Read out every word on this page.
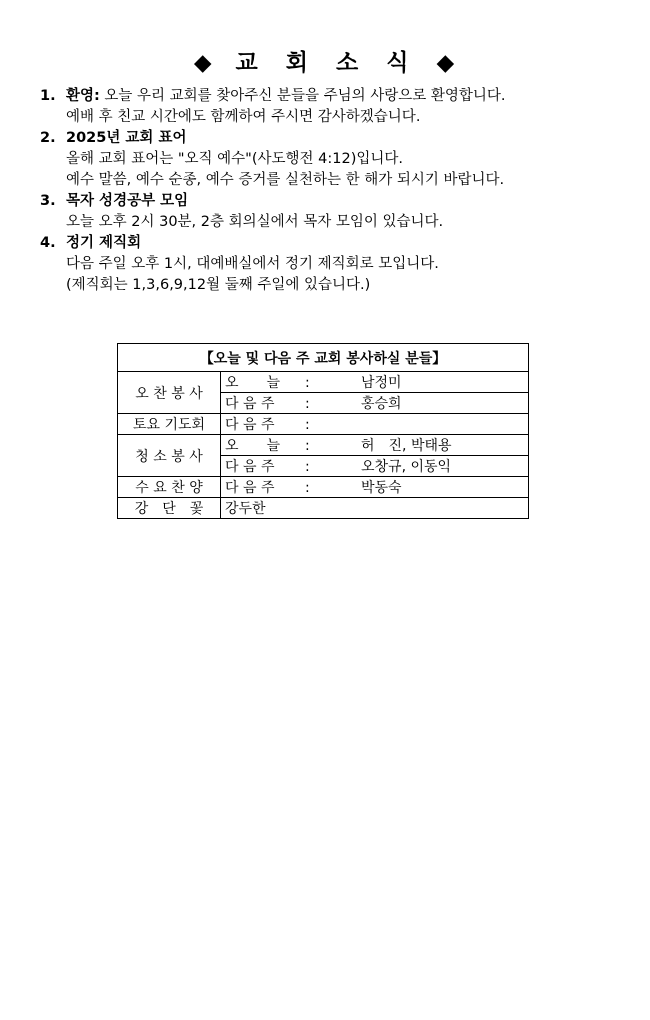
◆ 교 회 소 식 ◆
1. 환영: 오늘 우리 교회를 찾아주신 분들을 주님의 사랑으로 환영합니다.
예배 후 친교 시간에도 함께하여 주시면 감사하겠습니다.
2. 2025년 교회 표어
올해 교회 표어는 "오직 예수"(사도행전 4:12)입니다.
예수 말씀, 예수 순종, 예수 증거를 실천하는 한 해가 되시기 바랍니다.
3. 목자 성경공부 모임
오늘 오후 2시 30분, 2층 회의실에서 목자 모임이 있습니다.
4. 정기 제직회
다음 주일 오후 1시, 대예배실에서 정기 제직회로 모입니다.
(제직회는 1,3,6,9,12월 둘째 주일에 있습니다.)
【오늘 및 다음 주 교회 봉사하실 분들】	
오 찬 봉 사	오　　늘 : 남정미
	다 음 주 : 홍승희
토요 기도회	다 음 주 :
청 소 봉 사	오　　늘 : 허　진, 박태용
	다 음 주 : 오창규, 이동익
수 요 찬 양	다 음 주 : 박동숙
강　단　꽃	강두한
